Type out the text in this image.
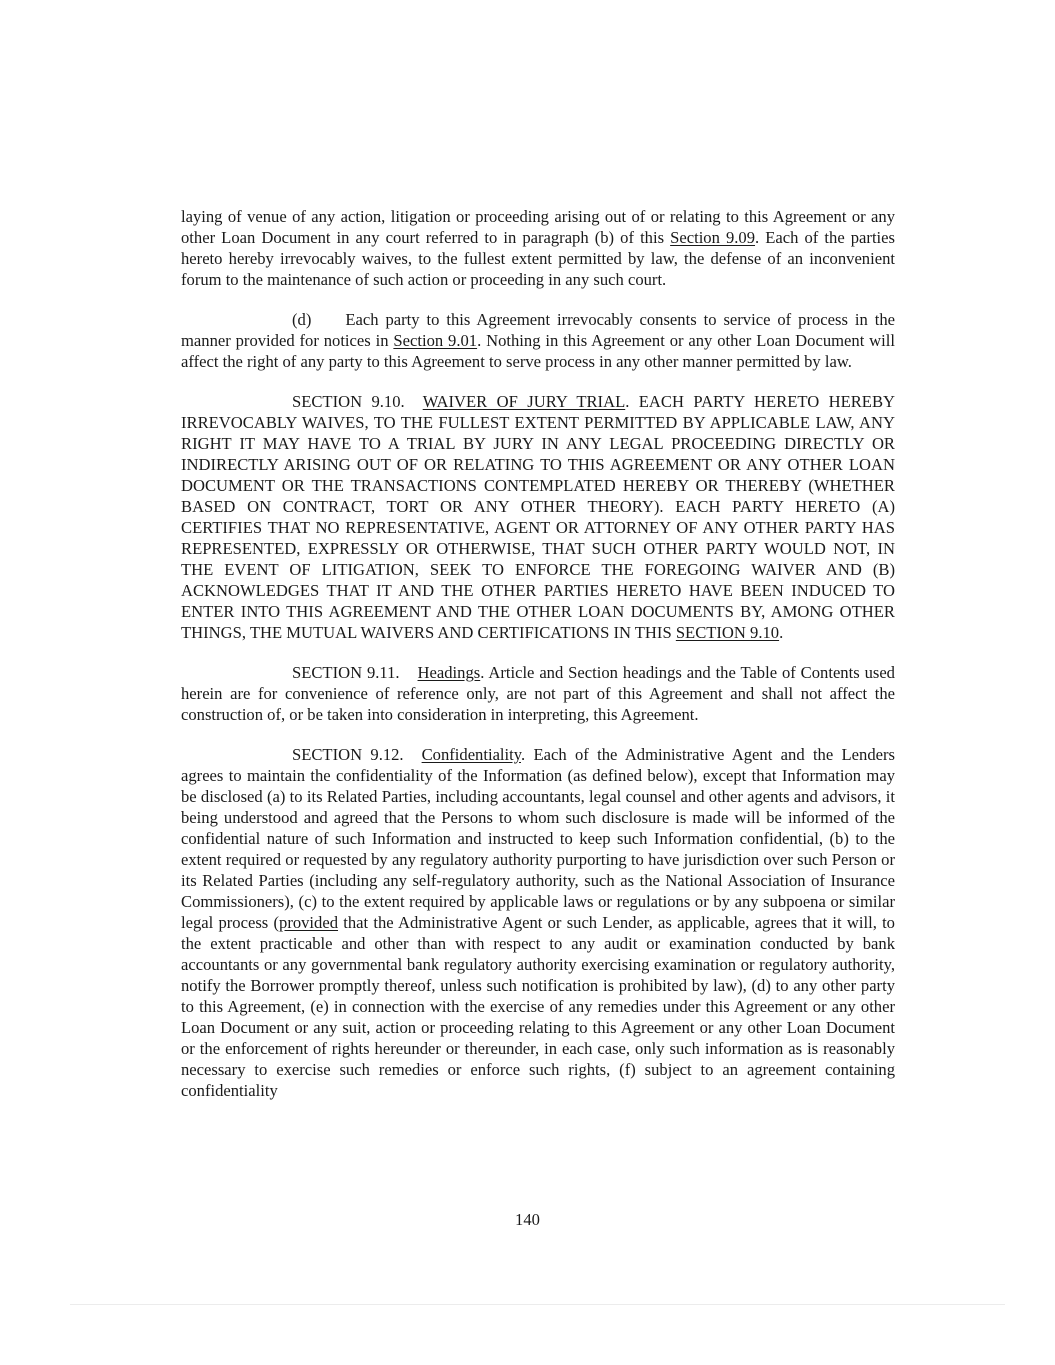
laying of venue of any action, litigation or proceeding arising out of or relating to this Agreement or any other Loan Document in any court referred to in paragraph (b) of this Section 9.09. Each of the parties hereto hereby irrevocably waives, to the fullest extent permitted by law, the defense of an inconvenient forum to the maintenance of such action or proceeding in any such court.

(d) Each party to this Agreement irrevocably consents to service of process in the manner provided for notices in Section 9.01. Nothing in this Agreement or any other Loan Document will affect the right of any party to this Agreement to serve process in any other manner permitted by law.

SECTION 9.10. WAIVER OF JURY TRIAL. EACH PARTY HERETO HEREBY IRREVOCABLY WAIVES, TO THE FULLEST EXTENT PERMITTED BY APPLICABLE LAW, ANY RIGHT IT MAY HAVE TO A TRIAL BY JURY IN ANY LEGAL PROCEEDING DIRECTLY OR INDIRECTLY ARISING OUT OF OR RELATING TO THIS AGREEMENT OR ANY OTHER LOAN DOCUMENT OR THE TRANSACTIONS CONTEMPLATED HEREBY OR THEREBY (WHETHER BASED ON CONTRACT, TORT OR ANY OTHER THEORY). EACH PARTY HERETO (A) CERTIFIES THAT NO REPRESENTATIVE, AGENT OR ATTORNEY OF ANY OTHER PARTY HAS REPRESENTED, EXPRESSLY OR OTHERWISE, THAT SUCH OTHER PARTY WOULD NOT, IN THE EVENT OF LITIGATION, SEEK TO ENFORCE THE FOREGOING WAIVER AND (B) ACKNOWLEDGES THAT IT AND THE OTHER PARTIES HERETO HAVE BEEN INDUCED TO ENTER INTO THIS AGREEMENT AND THE OTHER LOAN DOCUMENTS BY, AMONG OTHER THINGS, THE MUTUAL WAIVERS AND CERTIFICATIONS IN THIS SECTION 9.10.

SECTION 9.11. Headings. Article and Section headings and the Table of Contents used herein are for convenience of reference only, are not part of this Agreement and shall not affect the construction of, or be taken into consideration in interpreting, this Agreement.

SECTION 9.12. Confidentiality. Each of the Administrative Agent and the Lenders agrees to maintain the confidentiality of the Information (as defined below), except that Information may be disclosed (a) to its Related Parties, including accountants, legal counsel and other agents and advisors, it being understood and agreed that the Persons to whom such disclosure is made will be informed of the confidential nature of such Information and instructed to keep such Information confidential, (b) to the extent required or requested by any regulatory authority purporting to have jurisdiction over such Person or its Related Parties (including any self-regulatory authority, such as the National Association of Insurance Commissioners), (c) to the extent required by applicable laws or regulations or by any subpoena or similar legal process (provided that the Administrative Agent or such Lender, as applicable, agrees that it will, to the extent practicable and other than with respect to any audit or examination conducted by bank accountants or any governmental bank regulatory authority exercising examination or regulatory authority, notify the Borrower promptly thereof, unless such notification is prohibited by law), (d) to any other party to this Agreement, (e) in connection with the exercise of any remedies under this Agreement or any other Loan Document or any suit, action or proceeding relating to this Agreement or any other Loan Document or the enforcement of rights hereunder or thereunder, in each case, only such information as is reasonably necessary to exercise such remedies or enforce such rights, (f) subject to an agreement containing confidentiality

140
